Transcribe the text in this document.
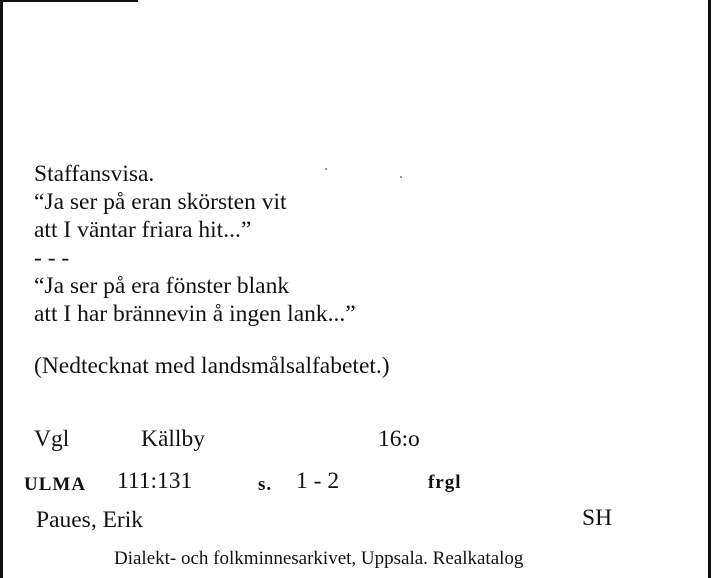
Staffansvisa.
“Ja ser på eran skörsten vit
att I väntar friara hit...”
- - -
“Ja ser på era fönster blank
att I har brännevin å ingen lank...”
(Nedtecknat med landsmålsalfabetet.)
Vgl	Källby	16:o
ULMA 111:131	s. 1 - 2	frgl
Paues, Erik	SH
Dialekt- och folkminnesarkivet, Uppsala. Realkatalog
